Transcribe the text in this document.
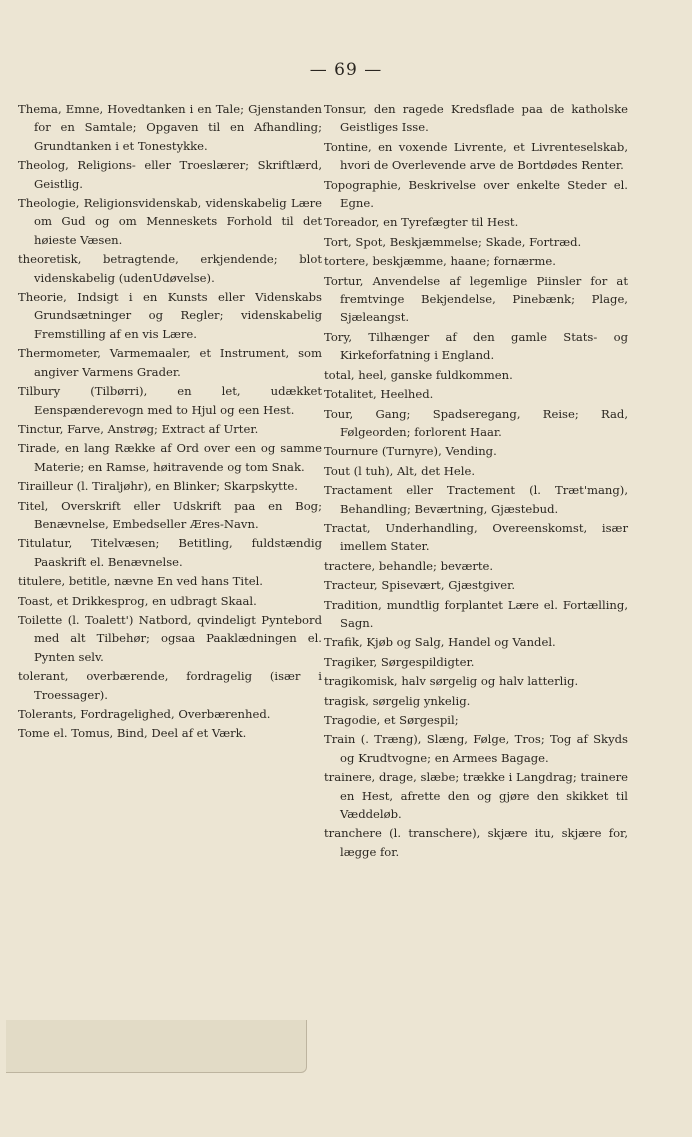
— 69 —

Thema, Emne, Hovedtanken i en Tale; Gjenstanden for en Samtale; Opgaven til en Afhandling; Grundtanken i et Tonestykke.

Theolog, Religions- eller Troeslærer; Skriftlærd, Geistlig.

Theologie, Religionsvidenskab, videnskabelig Lære om Gud og om Menneskets Forhold til det høieste Væsen.

theoretisk, betragtende, erkjendende; blot videnskabelig (udenUdøvelse).

Theorie, Indsigt i en Kunsts eller Videnskabs Grundsætninger og Regler; videnskabelig Fremstilling af en vis Lære.

Thermometer, Varmemaaler, et Instrument, som angiver Varmens Grader.

Tilbury	(Tilbørri), en let, udækket Eenspænderevogn med to Hjul og een Hest.

Tinctur, Farve, Anstrøg; Extract af Urter.

Tirade, en lang Række af Ord over een og samme Materie; en Ramse, høitravende og tom Snak.

Tirailleur (l. Tiraljøhr), en Blinker; Skarpskytte.

Titel, Overskrift eller Udskrift paa en Bog; Benævnelse, Embedseller Æres-Navn.

Titulatur, Titelvæsen; Betitling, fuldstændig Paaskrift el. Benævnelse.

titulere, betitle, nævne En ved hans Titel.

Toast, et Drikkesprog, en udbragt Skaal.

Toilette (l. Toalett') Natbord, qvindeligt Pyntebord med alt Tilbehør; ogsaa Paaklædningen el. Pynten selv.

tolerant, overbærende, fordragelig (især i Troessager).

Tolerants, Fordragelighed, Overbærenhed.

Tome el. Tomus, Bind, Deel af et Værk.

Tonsur, den ragede Kredsflade paa de katholske Geistliges Isse.

Tontine, en voxende Livrente, et Livrenteselskab, hvori de Overlevende arve de Bortdødes Renter.

Topographie, Beskrivelse over enkelte Steder el. Egne.

Toreador, en Tyrefægter til Hest.

Tort, Spot, Beskjæmmelse; Skade, Fortræd.

tortere, beskjæmme, haane; fornærme.

Tortur, Anvendelse af legemlige Piinsler for at fremtvinge Bekjendelse, Pinebænk; Plage, Sjæleangst.

Tory, Tilhænger af den gamle Stats- og Kirkeforfatning i England.

total, heel, ganske fuldkommen.

Totalitet, Heelhed.

Tour, Gang; Spadseregang, Reise; Rad, Følgeorden; forlorent Haar.

Tournure (Turnyre), Vending.

Tout (l tuh), Alt, det Hele.

Tractament eller Tractement (l. Træt'mang), Behandling; Beværtning, Gjæstebud.

Tractat, Underhandling, Overeenskomst, især imellem Stater.

tractere, behandle; beværte.

Tracteur, Spisevært, Gjæstgiver.

Tradition, mundtlig forplantet Lære el. Fortælling, Sagn.

Trafik, Kjøb og Salg, Handel og Vandel.

Tragiker, Sørgespildigter.

tragikomisk, halv sørgelig og halv latterlig.

tragisk, sørgelig ynkelig.

Tragodie, et Sørgespil;

Train (. Træng), Slæng, Følge, Tros; Tog af Skyds og Krudtvogne; en Armees Bagage.

trainere, drage, slæbe; trække i Langdrag; trainere en Hest, afrette den og gjøre den skikket til Væddeløb.

tranchere (l. transchere), skjære itu, skjære for, lægge for.
